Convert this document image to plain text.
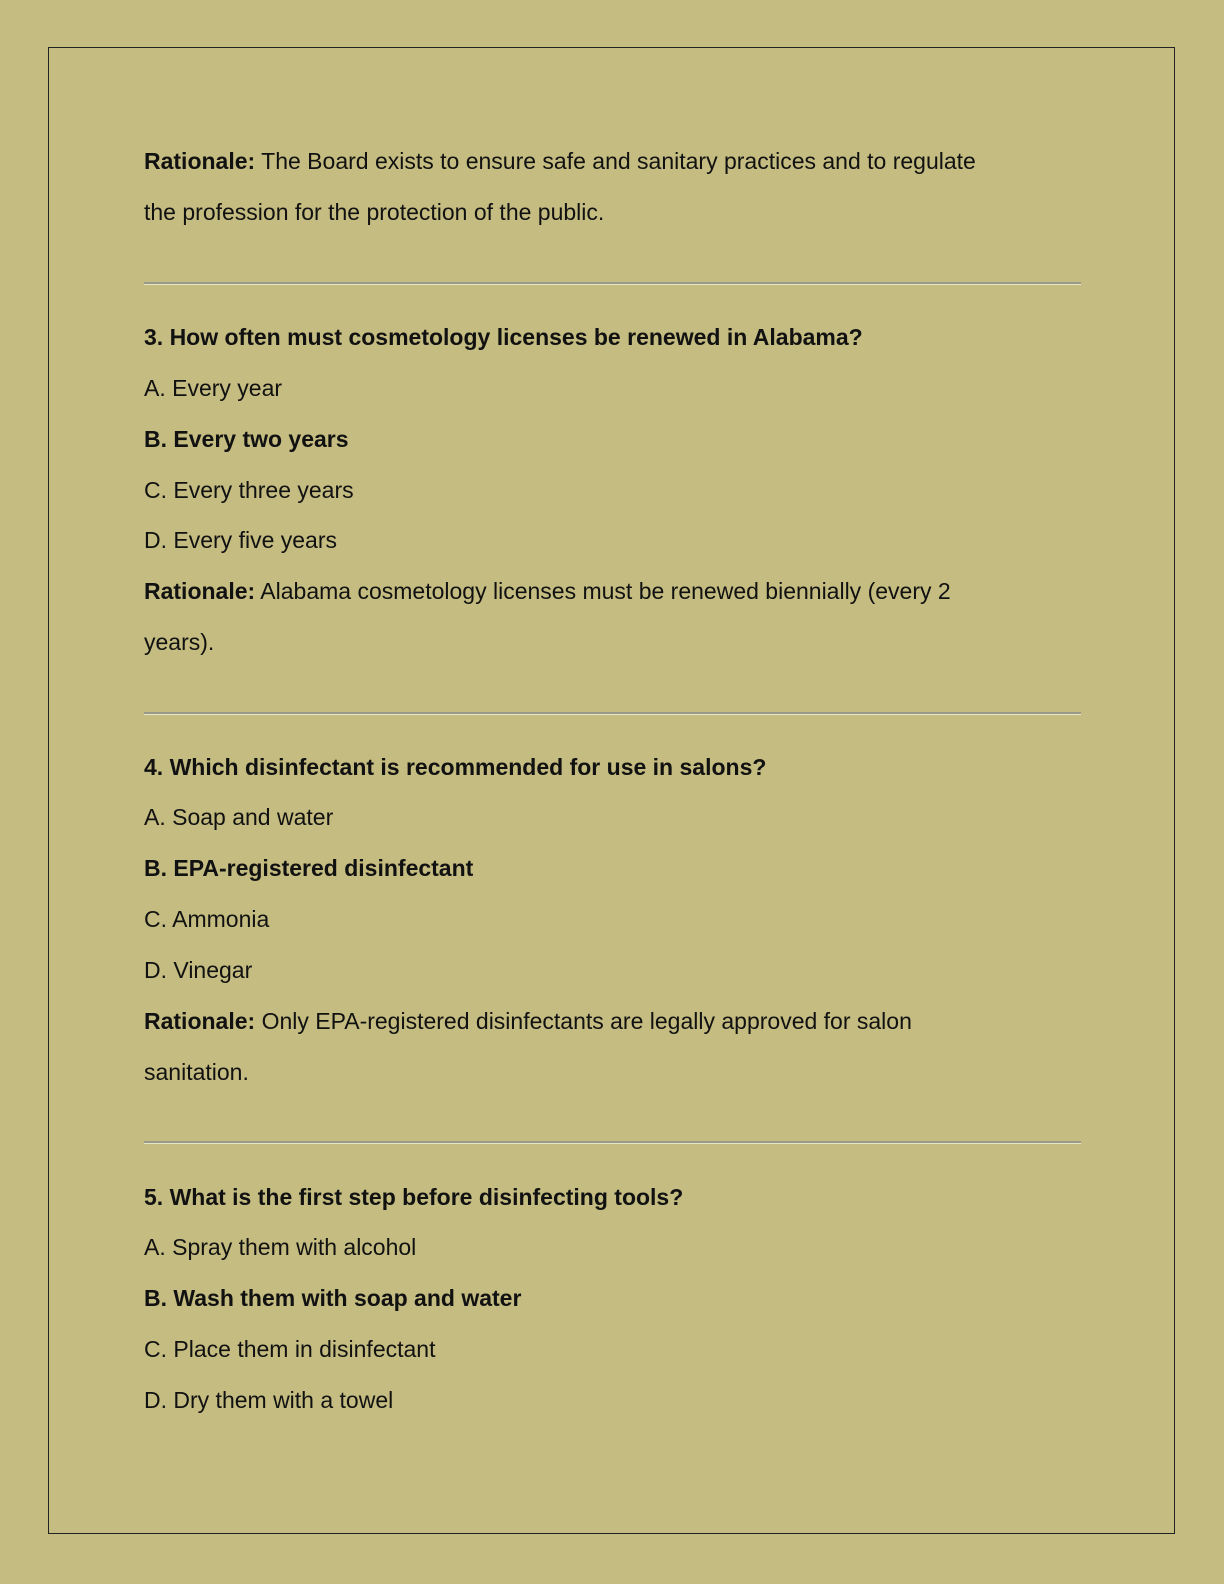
Rationale: The Board exists to ensure safe and sanitary practices and to regulate
the profession for the protection of the public.
3. How often must cosmetology licenses be renewed in Alabama?
A. Every year
B. Every two years
C. Every three years
D. Every five years
Rationale: Alabama cosmetology licenses must be renewed biennially (every 2
years).
4. Which disinfectant is recommended for use in salons?
A. Soap and water
B. EPA-registered disinfectant
C. Ammonia
D. Vinegar
Rationale: Only EPA-registered disinfectants are legally approved for salon
sanitation.
5. What is the first step before disinfecting tools?
A. Spray them with alcohol
B. Wash them with soap and water
C. Place them in disinfectant
D. Dry them with a towel
